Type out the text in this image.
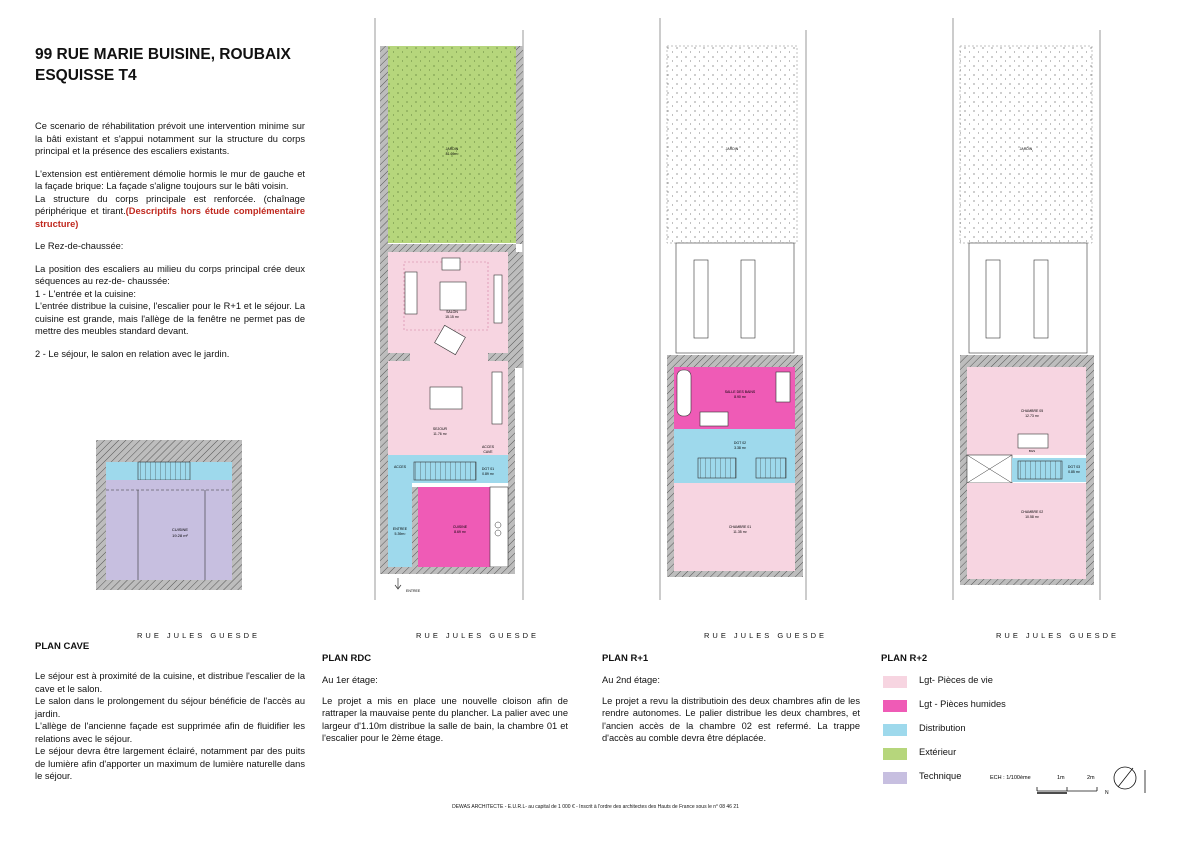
99 RUE MARIE BUISINE, ROUBAIX
ESQUISSE T4

Ce scenario de réhabilitation prévoit une intervention minime sur la bâti existant et s'appui notamment sur la structure du corps principal et la présence des escaliers existants.

L'extension est entièrement démolie hormis le mur de gauche et la façade brique: La façade s'aligne toujours sur le bâti voisin.
La structure du corps principale est renforcée. (chaînage périphérique et tirant.(Descriptifs hors étude complémentaire structure)

Le Rez-de-chaussée:

La position des escaliers au milieu du corps principal crée deux séquences au rez-de- chaussée:
1 - L'entrée et la cuisine:
L'entrée distribue la cuisine, l'escalier pour le R+1 et le séjour. La cuisine est grande, mais l'allège de la fenêtre ne permet pas de mettre des meubles standard devant.

2 - Le séjour, le salon en relation avec le jardin.

CUISINE
19.28 m²
JARDIN
81.69m²
SALON
15.15 m²
SEJOUR
11.76 m²
ACCES
CAVE
DGT 01
0.89 m²
ACCES
ENTREE
5.39m²
CUISINE
8.69 m²
ENTREE
JARDIN
SALLE DES BAINS
8.90 m²
DGT 02
3.38 m²
CHAMBRE 01
11.35 m²
JARDIN
CHAMBRE 05
12.73 m²
BGS
DGT 03
0.85 m²
CHAMBRE 02
10.58 m²
ECH : 1/100ème	1m	2m
N
RUE JULES GUESDE	RUE JULES GUESDE	RUE JULES GUESDE	RUE JULES GUESDE
PLAN CAVE
PLAN RDC	PLAN R+1	PLAN R+2
Le séjour est à proximité de la cuisine, et distribue l'escalier de la cave et le salon.
Le salon dans le prolongement du séjour bénéficie de l'accès au jardin.
L'allège de l'ancienne façade est supprimée afin de fluidifier les relations avec le séjour.
Le séjour devra être largement éclairé, notamment par des puits de lumière afin d'apporter un maximum de lumière naturelle dans le séjour.

Au 1er étage:

Le projet a mis en place une nouvelle cloison afin de rattraper la mauvaise pente du plancher. La palier avec une largeur d'1.10m distribue la salle de bain, la chambre 01 et l'escalier pour le 2ème étage.

Au 2nd étage:

Le projet a revu la distributioin des deux chambres afin de les rendre autonomes. Le palier distribue les deux chambres, et l'ancien accès de la chambre 02 est refermé. La trappe d'accès au comble devra être déplacée.

Lgt- Pièces de vie
Lgt - Pièces humides
Distribution
Extérieur
Technique
DEWAS ARCHITECTE - E.U.R.L- au capital de 1 000 € - Inscrit à l'ordre des architectes des Hauts de France sous le n° 08 46 21
